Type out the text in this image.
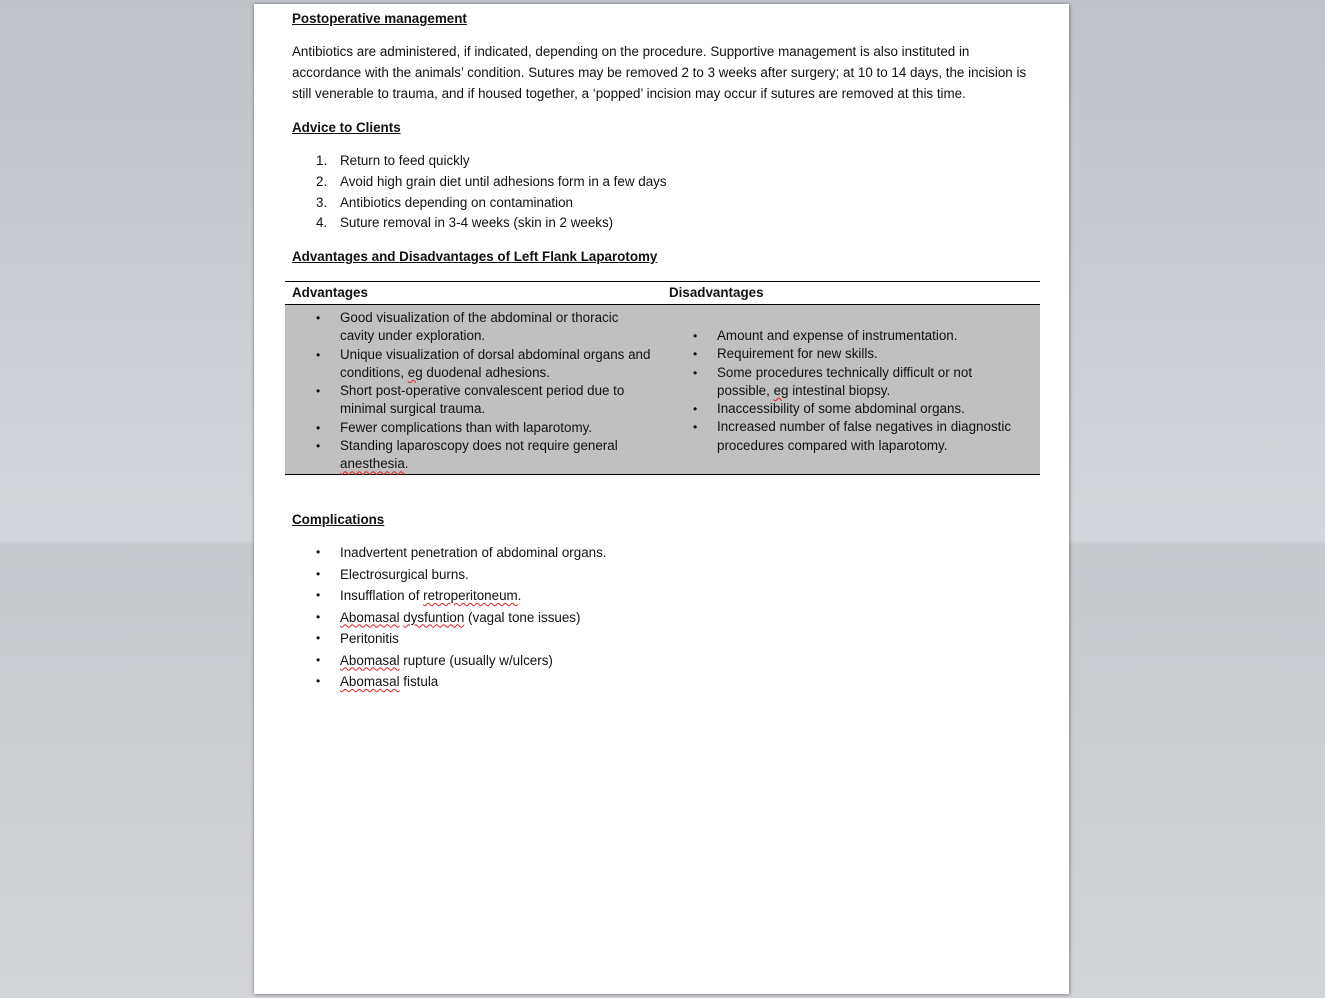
Postoperative management
Antibiotics are administered, if indicated, depending on the procedure. Supportive management is also instituted in
accordance with the animals’ condition. Sutures may be removed 2 to 3 weeks after surgery; at 10 to 14 days, the incision is
still venerable to trauma, and if housed together, a ‘popped’ incision may occur if sutures are removed at this time.
Advice to Clients
1. Return to feed quickly
2. Avoid high grain diet until adhesions form in a few days
3. Antibiotics depending on contamination
4. Suture removal in 3-4 weeks (skin in 2 weeks)
Advantages and Disadvantages of Left Flank Laparotomy
Advantages	Disadvantages
• Good visualization of the abdominal or thoracic
cavity under exploration.
• Unique visualization of dorsal abdominal organs and
conditions, eg duodenal adhesions.
• Short post-operative convalescent period due to
minimal surgical trauma.
• Fewer complications than with laparotomy.
• Standing laparoscopy does not require general
anesthesia.
• Amount and expense of instrumentation.
• Requirement for new skills.
• Some procedures technically difficult or not
possible, eg intestinal biopsy.
• Inaccessibility of some abdominal organs.
• Increased number of false negatives in diagnostic
procedures compared with laparotomy.
Complications
• Inadvertent penetration of abdominal organs.
• Electrosurgical burns.
• Insufflation of retroperitoneum.
• Abomasal dysfuntion (vagal tone issues)
• Peritonitis
• Abomasal rupture (usually w/ulcers)
• Abomasal fistula
